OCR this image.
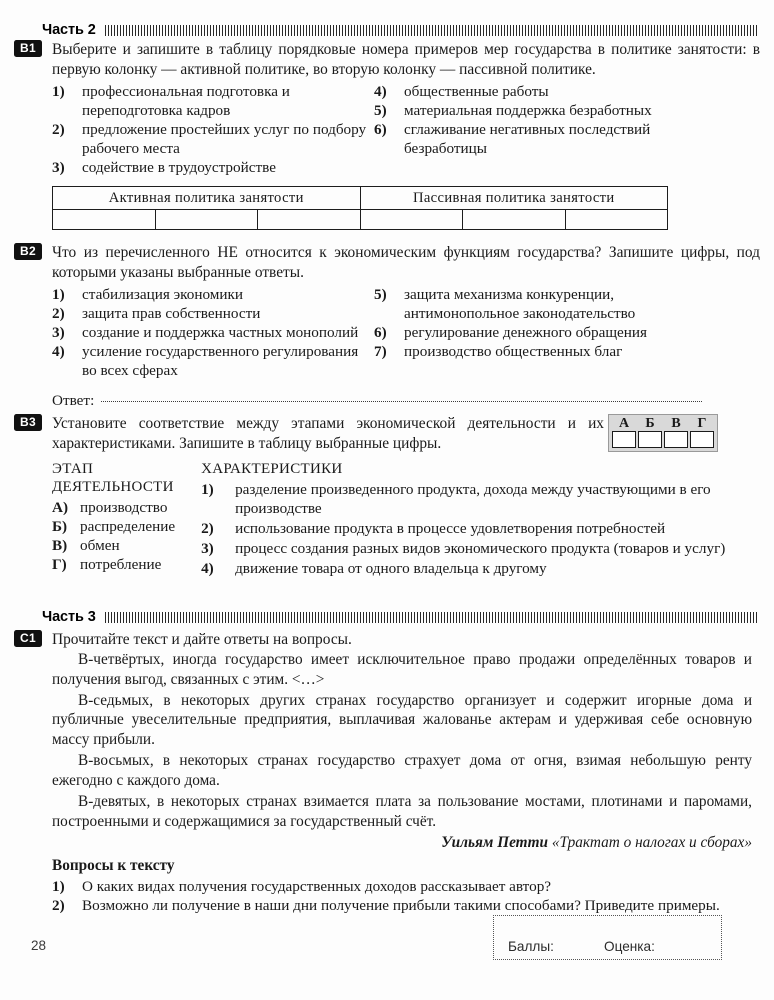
Часть 2
B1	Выберите и запишите в таблицу порядковые номера примеров мер государства в политике занятости: в первую колонку — активной политике, во вторую колонку — пассивной политике.
1)	профессиональная подготовка и переподготовка кадров
2)	предложение простейших услуг по подбору рабочего места
3)	содействие в трудоустройстве
4)	общественные работы
5)	материальная поддержка безработных
6)	сглаживание негативных последствий безработицы
Активная политика занятости			Пассивная политика занятости		

B2	Что из перечисленного НЕ относится к экономическим функциям государства? Запишите цифры, под которыми указаны выбранные ответы.
1)	стабилизация экономики
2)	защита прав собственности
3)	создание и поддержка частных монополий
4)	усиление государственного регулирования во всех сферах
5)	защита механизма конкуренции, антимонопольное законодательство
6)	регулирование денежного обращения
7)	производство общественных благ
Ответ:
B3	А	Б	В	Г
Установите соответствие между этапами экономической деятельности и их характеристиками. Запишите в таблицу выбранные цифры.
ЭТАП
ДЕЯТЕЛЬНОСТИ
А) производство
Б) распределение
В) обмен
Г) потребление
ХАРАКТЕРИСТИКИ
1)	разделение произведенного продукта, дохода между участвующими в его производстве
2)	использование продукта в процессе удовлетворения потребностей
3)	процесс создания разных видов экономического продукта (товаров и услуг)
4)	движение товара от одного владельца к другому
Часть 3
C1	Прочитайте текст и дайте ответы на вопросы.

В-четвёртых, иногда государство имеет исключительное право продажи определённых товаров и получения выгод, связанных с этим. <…>

В-седьмых, в некоторых других странах государство организует и содержит игорные дома и публичные увеселительные предприятия, выплачивая жалованье актерам и удерживая себе основную массу прибыли.

В-восьмых, в некоторых странах государство страхует дома от огня, взимая небольшую ренту ежегодно с каждого дома.

В-девятых, в некоторых странах взимается плата за пользование мостами, плотинами и паромами, построенными и содержащимися за государственный счёт.

Уильям Петти «Трактат о налогах и сборах»
Вопросы к тексту
1)	О каких видах получения государственных доходов рассказывает автор?
2)	Возможно ли получение в наши дни получение прибыли такими способами? Приведите примеры.
28	Баллы:	Оценка:
